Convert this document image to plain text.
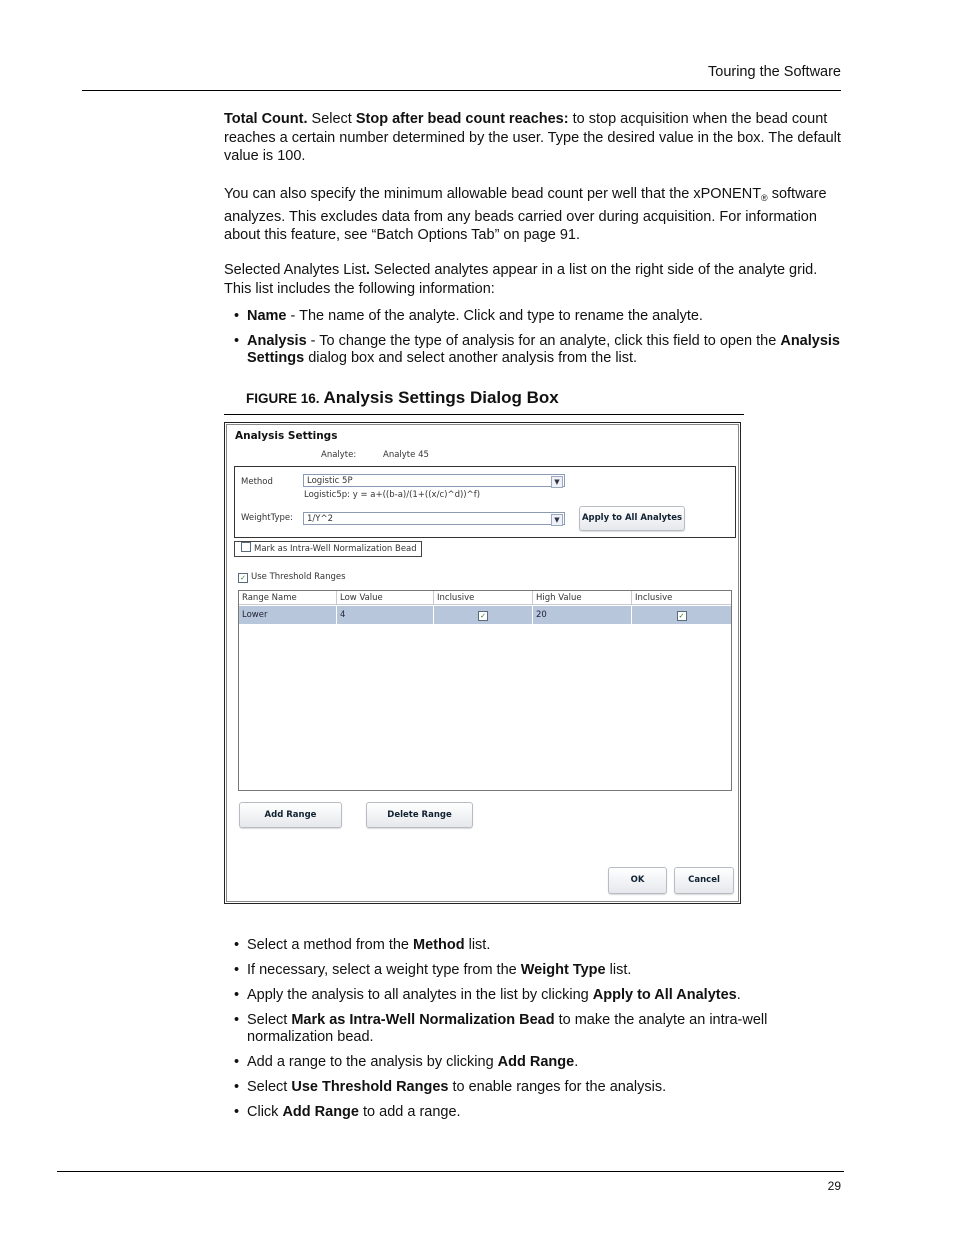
Touring the Software

Total Count. Select Stop after bead count reaches: to stop acquisition when the bead count reaches a certain number determined by the user. Type the desired value in the box. The default value is 100.

You can also specify the minimum allowable bead count per well that the xPONENT$_®$ software analyzes. This excludes data from any beads carried over during acquisition. For information about this feature, see “Batch Options Tab” on page 91.

Selected Analytes List. Selected analytes appear in a list on the right side of the analyte grid. This list includes the following information:

• Name - The name of the analyte. Click and type to rename the analyte.
• Analysis - To change the type of analysis for an analyte, click this field to open the Analysis Settings dialog box and select another analysis from the list.
FIGURE 16. Analysis Settings Dialog Box
Analysis Settings
Analyte:	Analyte 45
Method	Logistic 5P	▼
Logistic5p: y = a+((b-a)/(1+((x/c)^d))^f)
WeightType:	1/Y^2	▼	Apply to All Analytes
Mark as Intra-Well Normalization Bead
✓ Use Threshold Ranges
Range Name	Low Value	Inclusive	High Value	Inclusive
Lower	4	✓	20	✓
Add Range	Delete Range
OK	Cancel
• Select a method from the Method list.
• If necessary, select a weight type from the Weight Type list.
• Apply the analysis to all analytes in the list by clicking Apply to All Analytes.
• Select Mark as Intra-Well Normalization Bead to make the analyte an intra-well normalization bead.
• Add a range to the analysis by clicking Add Range.
• Select Use Threshold Ranges to enable ranges for the analysis.
• Click Add Range to add a range.
29
